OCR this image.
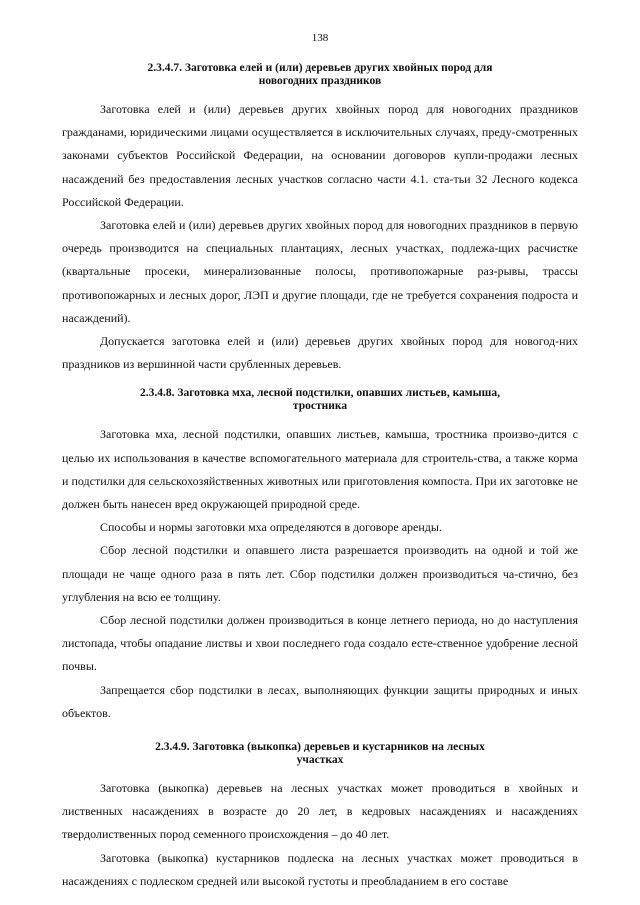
138
2.3.4.7. Заготовка елей и (или) деревьев других хвойных пород для
новогодних праздников

Заготовка елей и (или) деревьев других хвойных пород для новогодних праздников гражданами, юридическими лицами осуществляется в исключительных случаях, преду-смотренных законами субъектов Российской Федерации, на основании договоров купли-продажи лесных насаждений без предоставления лесных участков согласно части 4.1. ста-тьи 32 Лесного кодекса Российской Федерации.

Заготовка елей и (или) деревьев других хвойных пород для новогодних праздников в первую очередь производится на специальных плантациях, лесных участках, подлежа-щих расчистке (квартальные просеки, минерализованные полосы, противопожарные раз-рывы, трассы противопожарных и лесных дорог, ЛЭП и другие площади, где не требуется сохранения подроста и насаждений).

Допускается заготовка елей и (или) деревьев других хвойных пород для новогод-них праздников из вершинной части срубленных деревьев.

2.3.4.8. Заготовка мха, лесной подстилки, опавших листьев, камыша,
тростника

Заготовка мха, лесной подстилки, опавших листьев, камыша, тростника произво-дится с целью их использования в качестве вспомогательного материала для строитель-ства, а также корма и подстилки для сельскохозяйственных животных или приготовления компоста. При их заготовке не должен быть нанесен вред окружающей природной среде.

Способы и нормы заготовки мха определяются в договоре аренды.

Сбор лесной подстилки и опавшего листа разрешается производить на одной и той же площади не чаще одного раза в пять лет. Сбор подстилки должен производиться ча-стично, без углубления на всю ее толщину.

Сбор лесной подстилки должен производиться в конце летнего периода, но до наступления листопада, чтобы опадание листвы и хвои последнего года создало есте-ственное удобрение лесной почвы.

Запрещается сбор подстилки в лесах, выполняющих функции защиты природных и иных объектов.

2.3.4.9. Заготовка (выкопка) деревьев и кустарников на лесных
участках

Заготовка (выкопка) деревьев на лесных участках может проводиться в хвойных и лиственных насаждениях в возрасте до 20 лет, в кедровых насаждениях и насаждениях твердолиственных пород семенного происхождения – до 40 лет.

Заготовка (выкопка) кустарников подлеска на лесных участках может проводиться в насаждениях с подлеском средней или высокой густоты и преобладанием в его составе
